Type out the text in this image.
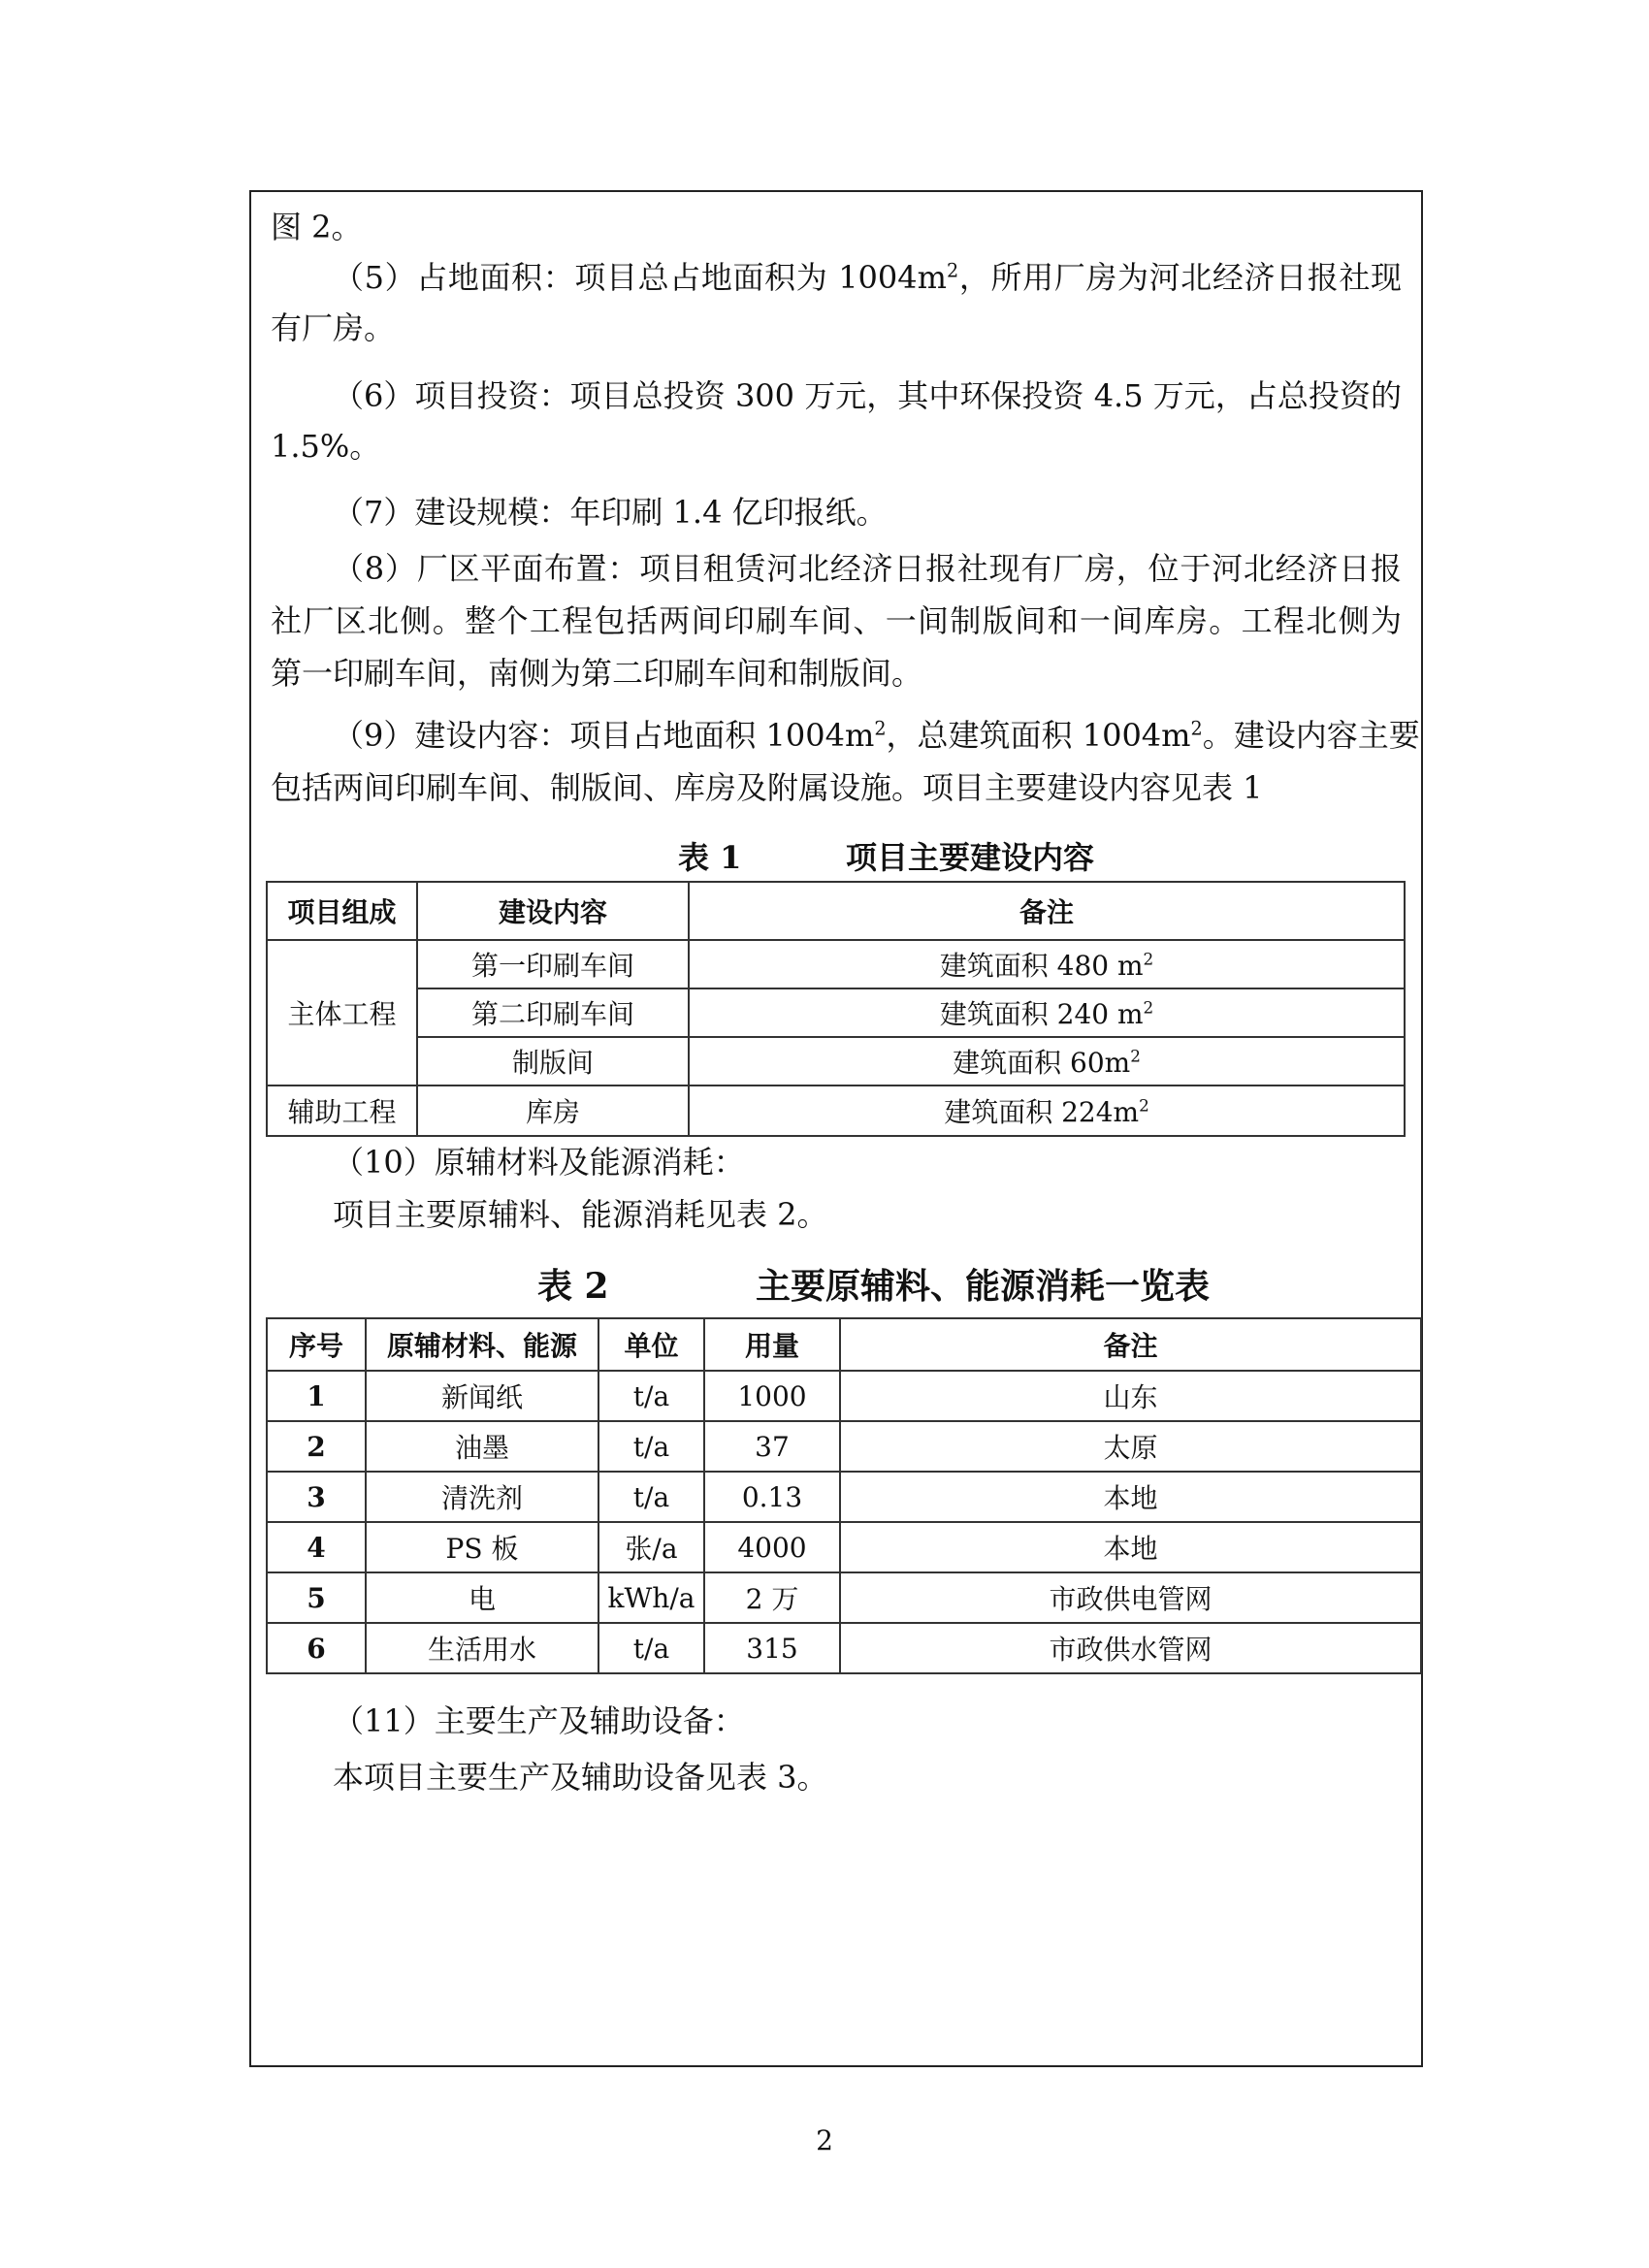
图 2。
（5）占地面积：项目总占地面积为 $1004m^2$，所用厂房为河北经济日报社现
有厂房。
（6）项目投资：项目总投资 300 万元，其中环保投资 4.5 万元，占总投资的
1.5%。
（7）建设规模：年印刷 1.4 亿印报纸。
（8）厂区平面布置：项目租赁河北经济日报社现有厂房，位于河北经济日报
社厂区北侧。整个工程包括两间印刷车间、一间制版间和一间库房。工程北侧为
第一印刷车间，南侧为第二印刷车间和制版间。
（9）建设内容：项目占地面积 $1004m^2$，总建筑面积 $1004m^2$。建设内容主要
包括两间印刷车间、制版间、库房及附属设施。项目主要建设内容见表 1
表 1	项目主要建设内容
项目组成	建设内容	备注
主体工程	第一印刷车间	建筑面积 480 $m^2$
	第二印刷车间	建筑面积 240 $m^2$
	制版间	建筑面积 $60m^2$
辅助工程	库房	建筑面积 $224m^2$
（10）原辅材料及能源消耗：
项目主要原辅料、能源消耗见表 2。
表 2	主要原辅料、能源消耗一览表
序号	原辅材料、能源	单位	用量	备注
1	新闻纸	t/a	1000	山东
2	油墨	t/a	37	太原
3	清洗剂	t/a	0.13	本地
4	PS 板	张/a	4000	本地
5	电	kWh/a	2 万	市政供电管网
6	生活用水	t/a	315	市政供水管网
（11）主要生产及辅助设备：
本项目主要生产及辅助设备见表 3。
2
